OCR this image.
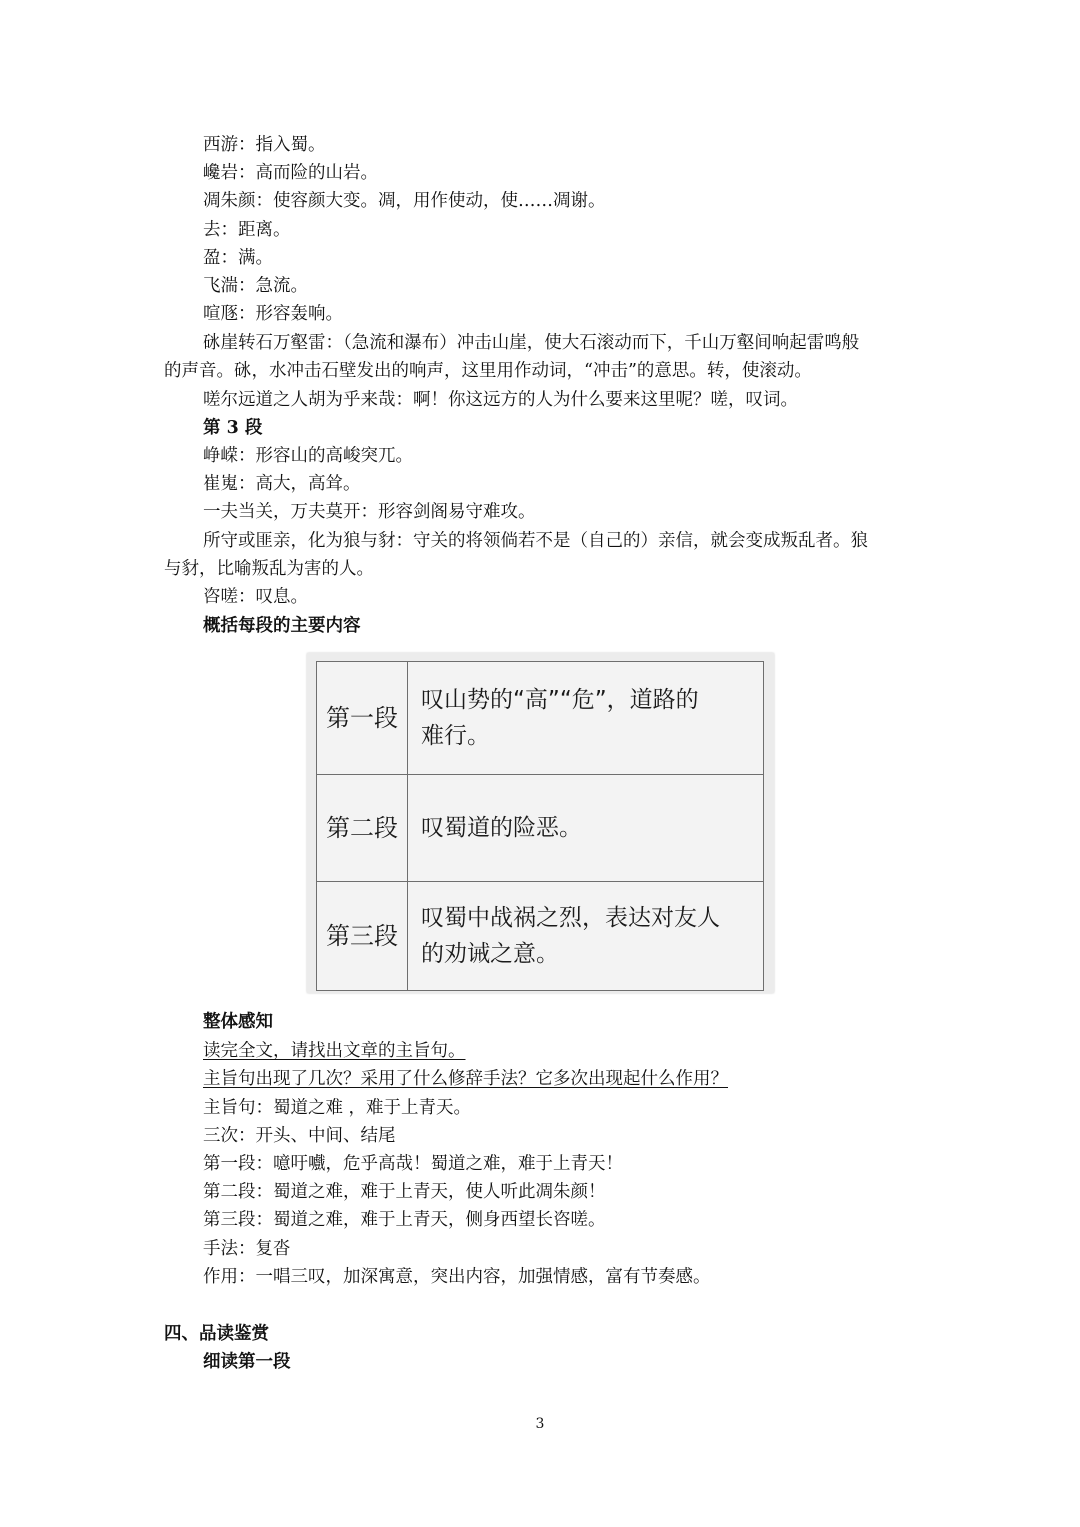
西游：指入蜀。
巉岩：高而险的山岩。
凋朱颜：使容颜大变。凋，用作使动，使……凋谢。
去：距离。
盈：满。
飞湍：急流。
喧豗：形容轰响。
砯崖转石万壑雷：（急流和瀑布）冲击山崖，使大石滚动而下，千山万壑间响起雷鸣般
的声音。砯，水冲击石壁发出的响声，这里用作动词，“冲击”的意思。转，使滚动。
嗟尔远道之人胡为乎来哉：啊！你这远方的人为什么要来这里呢？嗟，叹词。
第 3 段
峥嵘：形容山的高峻突兀。
崔嵬：高大，高耸。
一夫当关，万夫莫开：形容剑阁易守难攻。
所守或匪亲，化为狼与豺：守关的将领倘若不是（自己的）亲信，就会变成叛乱者。狼
与豺，比喻叛乱为害的人。
咨嗟：叹息。
概括每段的主要内容
第一段	叹山势的“高”“危”，道路的
难行。

第二段	叹蜀道的险恶。

第三段	叹蜀中战祸之烈，表达对友人
的劝诫之意。
整体感知
读完全文，请找出文章的主旨句。
主旨句出现了几次？采用了什么修辞手法？它多次出现起什么作用？
主旨句：蜀道之难 ，难于上青天。
三次：开头、中间、结尾
第一段：噫吁嚱，危乎高哉！蜀道之难，难于上青天！
第二段：蜀道之难，难于上青天，使人听此凋朱颜！
第三段：蜀道之难，难于上青天，侧身西望长咨嗟。
手法：复沓
作用：一唱三叹，加深寓意，突出内容，加强情感，富有节奏感。
四、品读鉴赏
细读第一段
3
